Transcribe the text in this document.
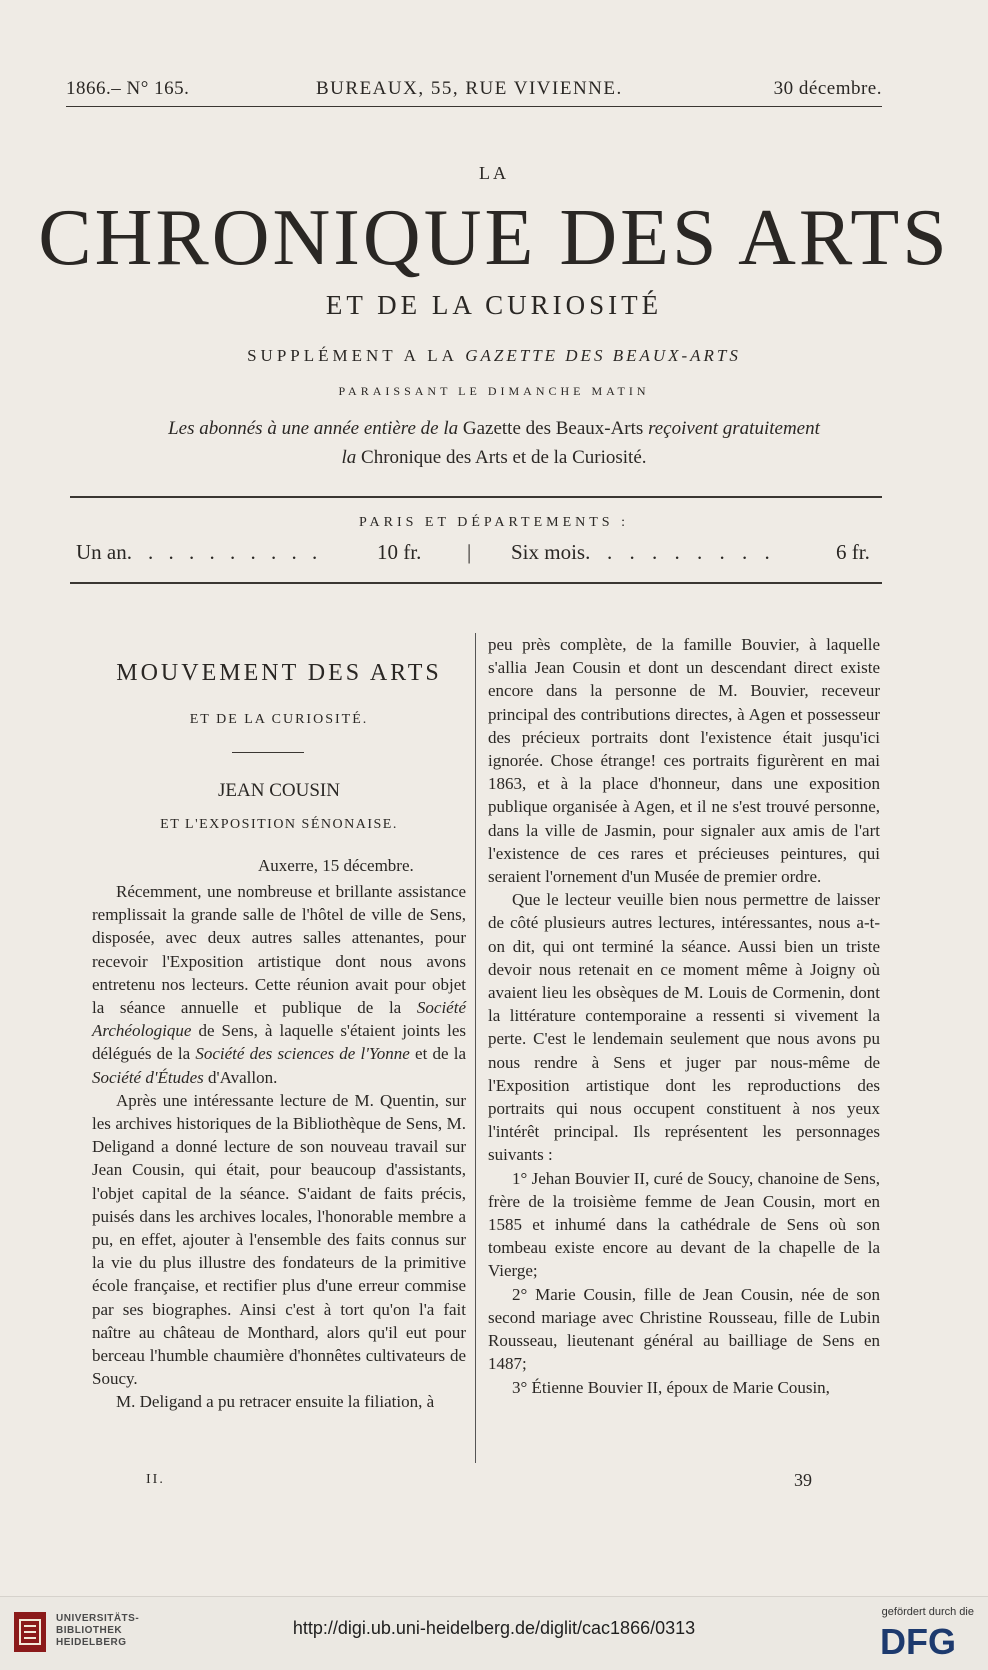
1866.– N° 165.	BUREAUX, 55, RUE VIVIENNE.	30 décembre.
LA
CHRONIQUE DES ARTS
ET DE LA CURIOSITÉ
SUPPLÉMENT A LA GAZETTE DES BEAUX-ARTS
PARAISSANT LE DIMANCHE MATIN
Les abonnés à une année entière de la Gazette des Beaux-Arts reçoivent gratuitement
la Chronique des Arts et de la Curiosité.
PARIS ET DÉPARTEMENTS :
Un an. . . . . . . . . .	10 fr. | Six mois. . . . . . . . .	6 fr.
MOUVEMENT DES ARTS
ET DE LA CURIOSITÉ.
JEAN COUSIN
ET L'EXPOSITION SÉNONAISE.
Auxerre, 15 décembre.

Récemment, une nombreuse et brillante assistance remplissait la grande salle de l'hôtel de ville de Sens, disposée, avec deux autres salles attenantes, pour recevoir l'Exposition artistique dont nous avons entretenu nos lecteurs. Cette réunion avait pour objet la séance annuelle et publique de la Société Archéologique de Sens, à laquelle s'étaient joints les délégués de la Société des sciences de l'Yonne et de la Société d'Études d'Avallon.

Après une intéressante lecture de M. Quentin, sur les archives historiques de la Bibliothèque de Sens, M. Deligand a donné lecture de son nouveau travail sur Jean Cousin, qui était, pour beaucoup d'assistants, l'objet capital de la séance. S'aidant de faits précis, puisés dans les archives locales, l'honorable membre a pu, en effet, ajouter à l'ensemble des faits connus sur la vie du plus illustre des fondateurs de la primitive école française, et rectifier plus d'une erreur commise par ses biographes. Ainsi c'est à tort qu'on l'a fait naître au château de Monthard, alors qu'il eut pour berceau l'humble chaumière d'honnêtes cultivateurs de Soucy.

M. Deligand a pu retracer ensuite la filiation, à

peu près complète, de la famille Bouvier, à laquelle s'allia Jean Cousin et dont un descendant direct existe encore dans la personne de M. Bouvier, receveur principal des contributions directes, à Agen et possesseur des précieux portraits dont l'existence était jusqu'ici ignorée. Chose étrange! ces portraits figurèrent en mai 1863, et à la place d'honneur, dans une exposition publique organisée à Agen, et il ne s'est trouvé personne, dans la ville de Jasmin, pour signaler aux amis de l'art l'existence de ces rares et précieuses peintures, qui seraient l'ornement d'un Musée de premier ordre.

Que le lecteur veuille bien nous permettre de laisser de côté plusieurs autres lectures, intéressantes, nous a-t-on dit, qui ont terminé la séance. Aussi bien un triste devoir nous retenait en ce moment même à Joigny où avaient lieu les obsèques de M. Louis de Cormenin, dont la littérature contemporaine a ressenti si vivement la perte. C'est le lendemain seulement que nous avons pu nous rendre à Sens et juger par nous-même de l'Exposition artistique dont les reproductions des portraits qui nous occupent constituent à nos yeux l'intérêt principal. Ils représentent les personnages suivants :

1° Jehan Bouvier II, curé de Soucy, chanoine de Sens, frère de la troisième femme de Jean Cousin, mort en 1585 et inhumé dans la cathédrale de Sens où son tombeau existe encore au devant de la chapelle de la Vierge;

2° Marie Cousin, fille de Jean Cousin, née de son second mariage avec Christine Rousseau, fille de Lubin Rousseau, lieutenant général au bailliage de Sens en 1487;

3° Étienne Bouvier II, époux de Marie Cousin,

II.	39
UNIVERSITÄTS-
BIBLIOTHEK
HEIDELBERG
http://digi.ub.uni-heidelberg.de/diglit/cac1866/0313
gefördert durch die
DFG
